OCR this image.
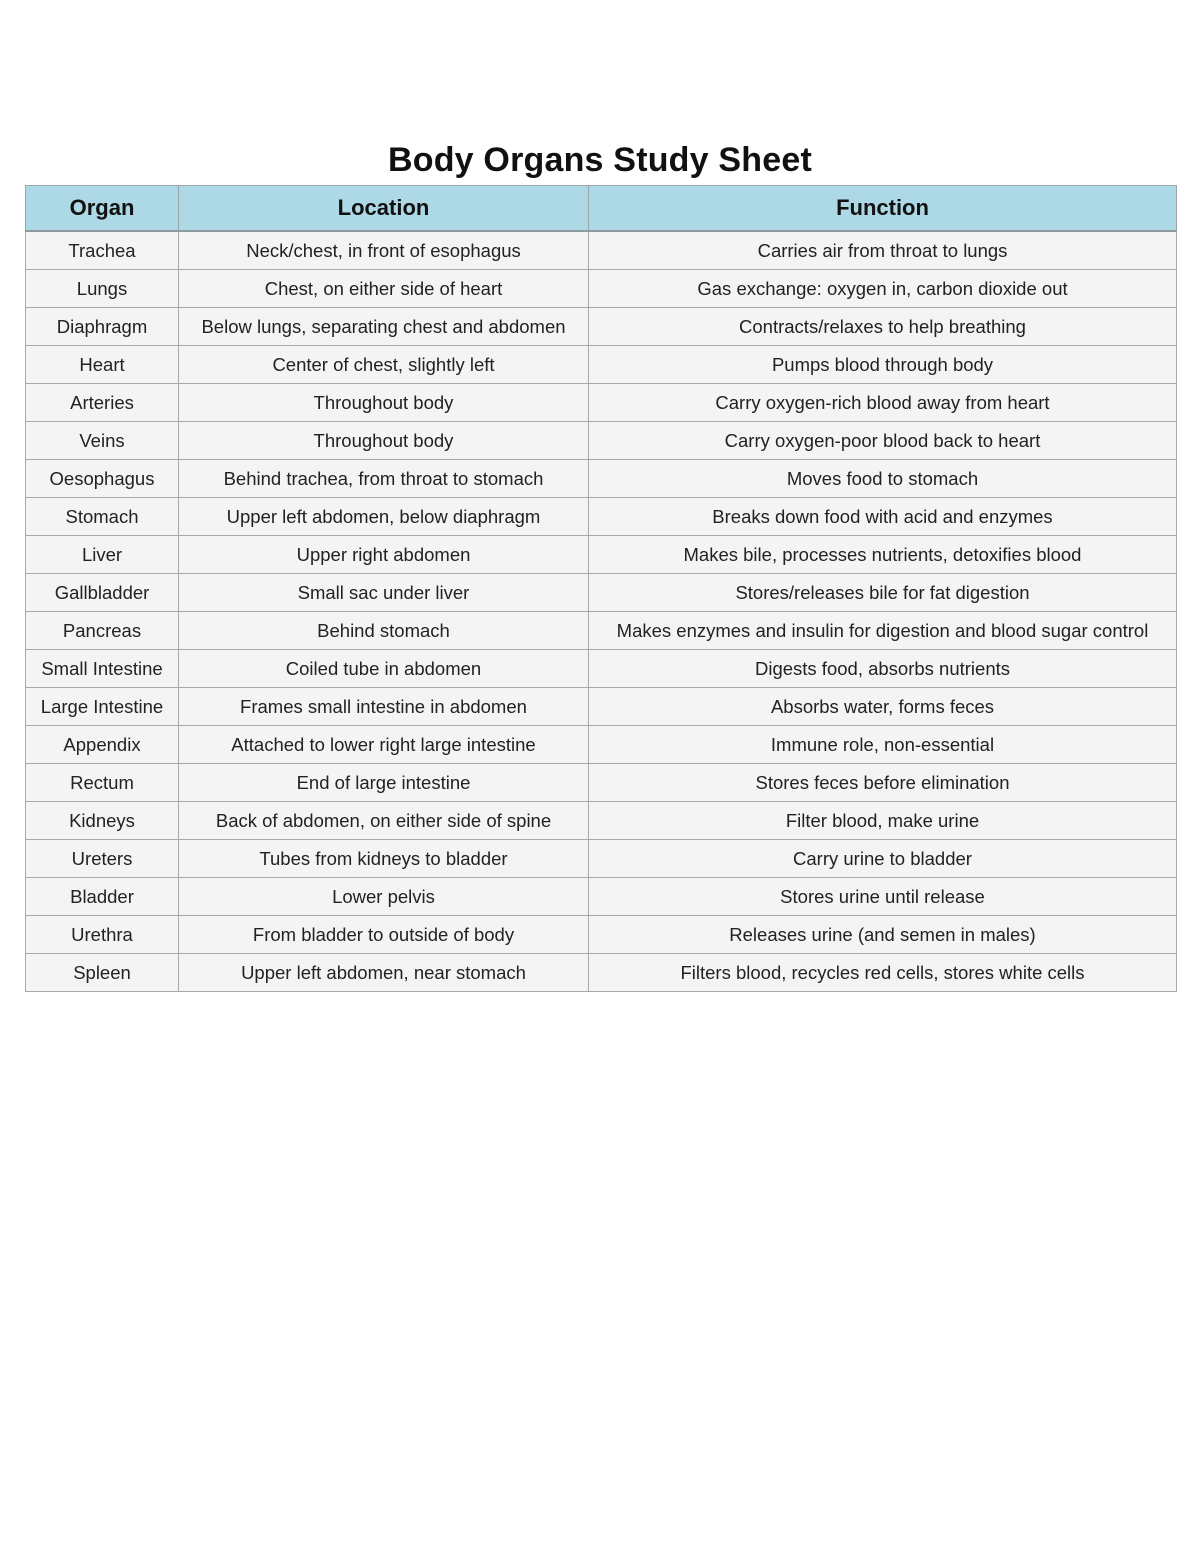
Body Organs Study Sheet
Organ	Location	Function
Trachea	Neck/chest, in front of esophagus	Carries air from throat to lungs
Lungs	Chest, on either side of heart	Gas exchange: oxygen in, carbon dioxide out
Diaphragm	Below lungs, separating chest and abdomen	Contracts/relaxes to help breathing
Heart	Center of chest, slightly left	Pumps blood through body
Arteries	Throughout body	Carry oxygen-rich blood away from heart
Veins	Throughout body	Carry oxygen-poor blood back to heart
Oesophagus	Behind trachea, from throat to stomach	Moves food to stomach
Stomach	Upper left abdomen, below diaphragm	Breaks down food with acid and enzymes
Liver	Upper right abdomen	Makes bile, processes nutrients, detoxifies blood
Gallbladder	Small sac under liver	Stores/releases bile for fat digestion
Pancreas	Behind stomach	Makes enzymes and insulin for digestion and blood sugar control
Small Intestine	Coiled tube in abdomen	Digests food, absorbs nutrients
Large Intestine	Frames small intestine in abdomen	Absorbs water, forms feces
Appendix	Attached to lower right large intestine	Immune role, non-essential
Rectum	End of large intestine	Stores feces before elimination
Kidneys	Back of abdomen, on either side of spine	Filter blood, make urine
Ureters	Tubes from kidneys to bladder	Carry urine to bladder
Bladder	Lower pelvis	Stores urine until release
Urethra	From bladder to outside of body	Releases urine (and semen in males)
Spleen	Upper left abdomen, near stomach	Filters blood, recycles red cells, stores white cells
